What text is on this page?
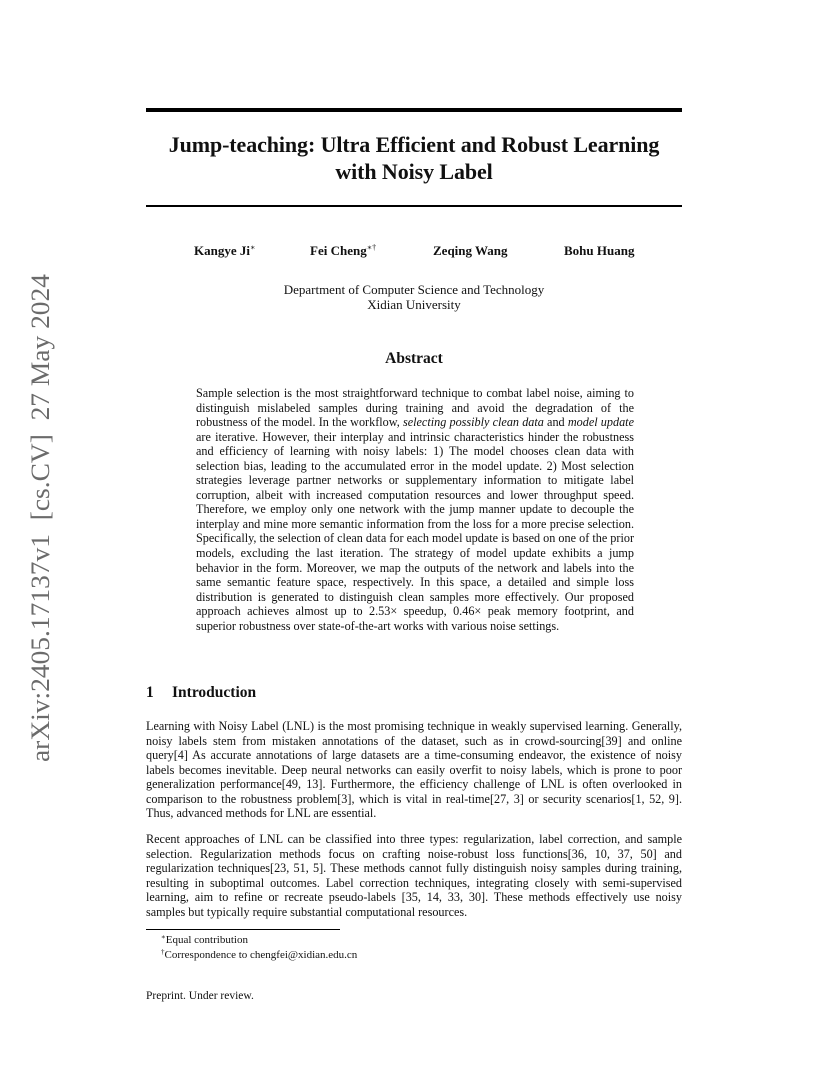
arXiv:2405.17137v1  [cs.CV]  27 May 2024
Jump-teaching: Ultra Efficient and Robust Learning
with Noisy Label
Kangye Ji∗	Fei Cheng∗†	Zeqing Wang	Bohu Huang
Department of Computer Science and Technology
Xidian University
Abstract

Sample selection is the most straightforward technique to combat label noise, aiming to distinguish mislabeled samples during training and avoid the degradation of the robustness of the model. In the workflow, selecting possibly clean data and model update are iterative. However, their interplay and intrinsic characteristics hinder the robustness and efficiency of learning with noisy labels: 1) The model chooses clean data with selection bias, leading to the accumulated error in the model update. 2) Most selection strategies leverage partner networks or supplementary information to mitigate label corruption, albeit with increased computation resources and lower throughput speed. Therefore, we employ only one network with the jump manner update to decouple the interplay and mine more semantic information from the loss for a more precise selection. Specifically, the selection of clean data for each model update is based on one of the prior models, excluding the last iteration. The strategy of model update exhibits a jump behavior in the form. Moreover, we map the outputs of the network and labels into the same semantic feature space, respectively. In this space, a detailed and simple loss distribution is generated to distinguish clean samples more effectively. Our proposed approach achieves almost up to 2.53× speedup, 0.46× peak memory footprint, and superior robustness over state-of-the-art works with various noise settings.

1 Introduction

Learning with Noisy Label (LNL) is the most promising technique in weakly supervised learning. Generally, noisy labels stem from mistaken annotations of the dataset, such as in crowd-sourcing[39] and online query[4] As accurate annotations of large datasets are a time-consuming endeavor, the existence of noisy labels becomes inevitable. Deep neural networks can easily overfit to noisy labels, which is prone to poor generalization performance[49, 13]. Furthermore, the efficiency challenge of LNL is often overlooked in comparison to the robustness problem[3], which is vital in real-time[27, 3] or security scenarios[1, 52, 9]. Thus, advanced methods for LNL are essential.

Recent approaches of LNL can be classified into three types: regularization, label correction, and sample selection. Regularization methods focus on crafting noise-robust loss functions[36, 10, 37, 50] and regularization techniques[23, 51, 5]. These methods cannot fully distinguish noisy samples during training, resulting in suboptimal outcomes. Label correction techniques, integrating closely with semi-supervised learning, aim to refine or recreate pseudo-labels [35, 14, 33, 30]. These methods effectively use noisy samples but typically require substantial computational resources.

∗Equal contribution
†Correspondence to chengfei@xidian.edu.cn
Preprint. Under review.
